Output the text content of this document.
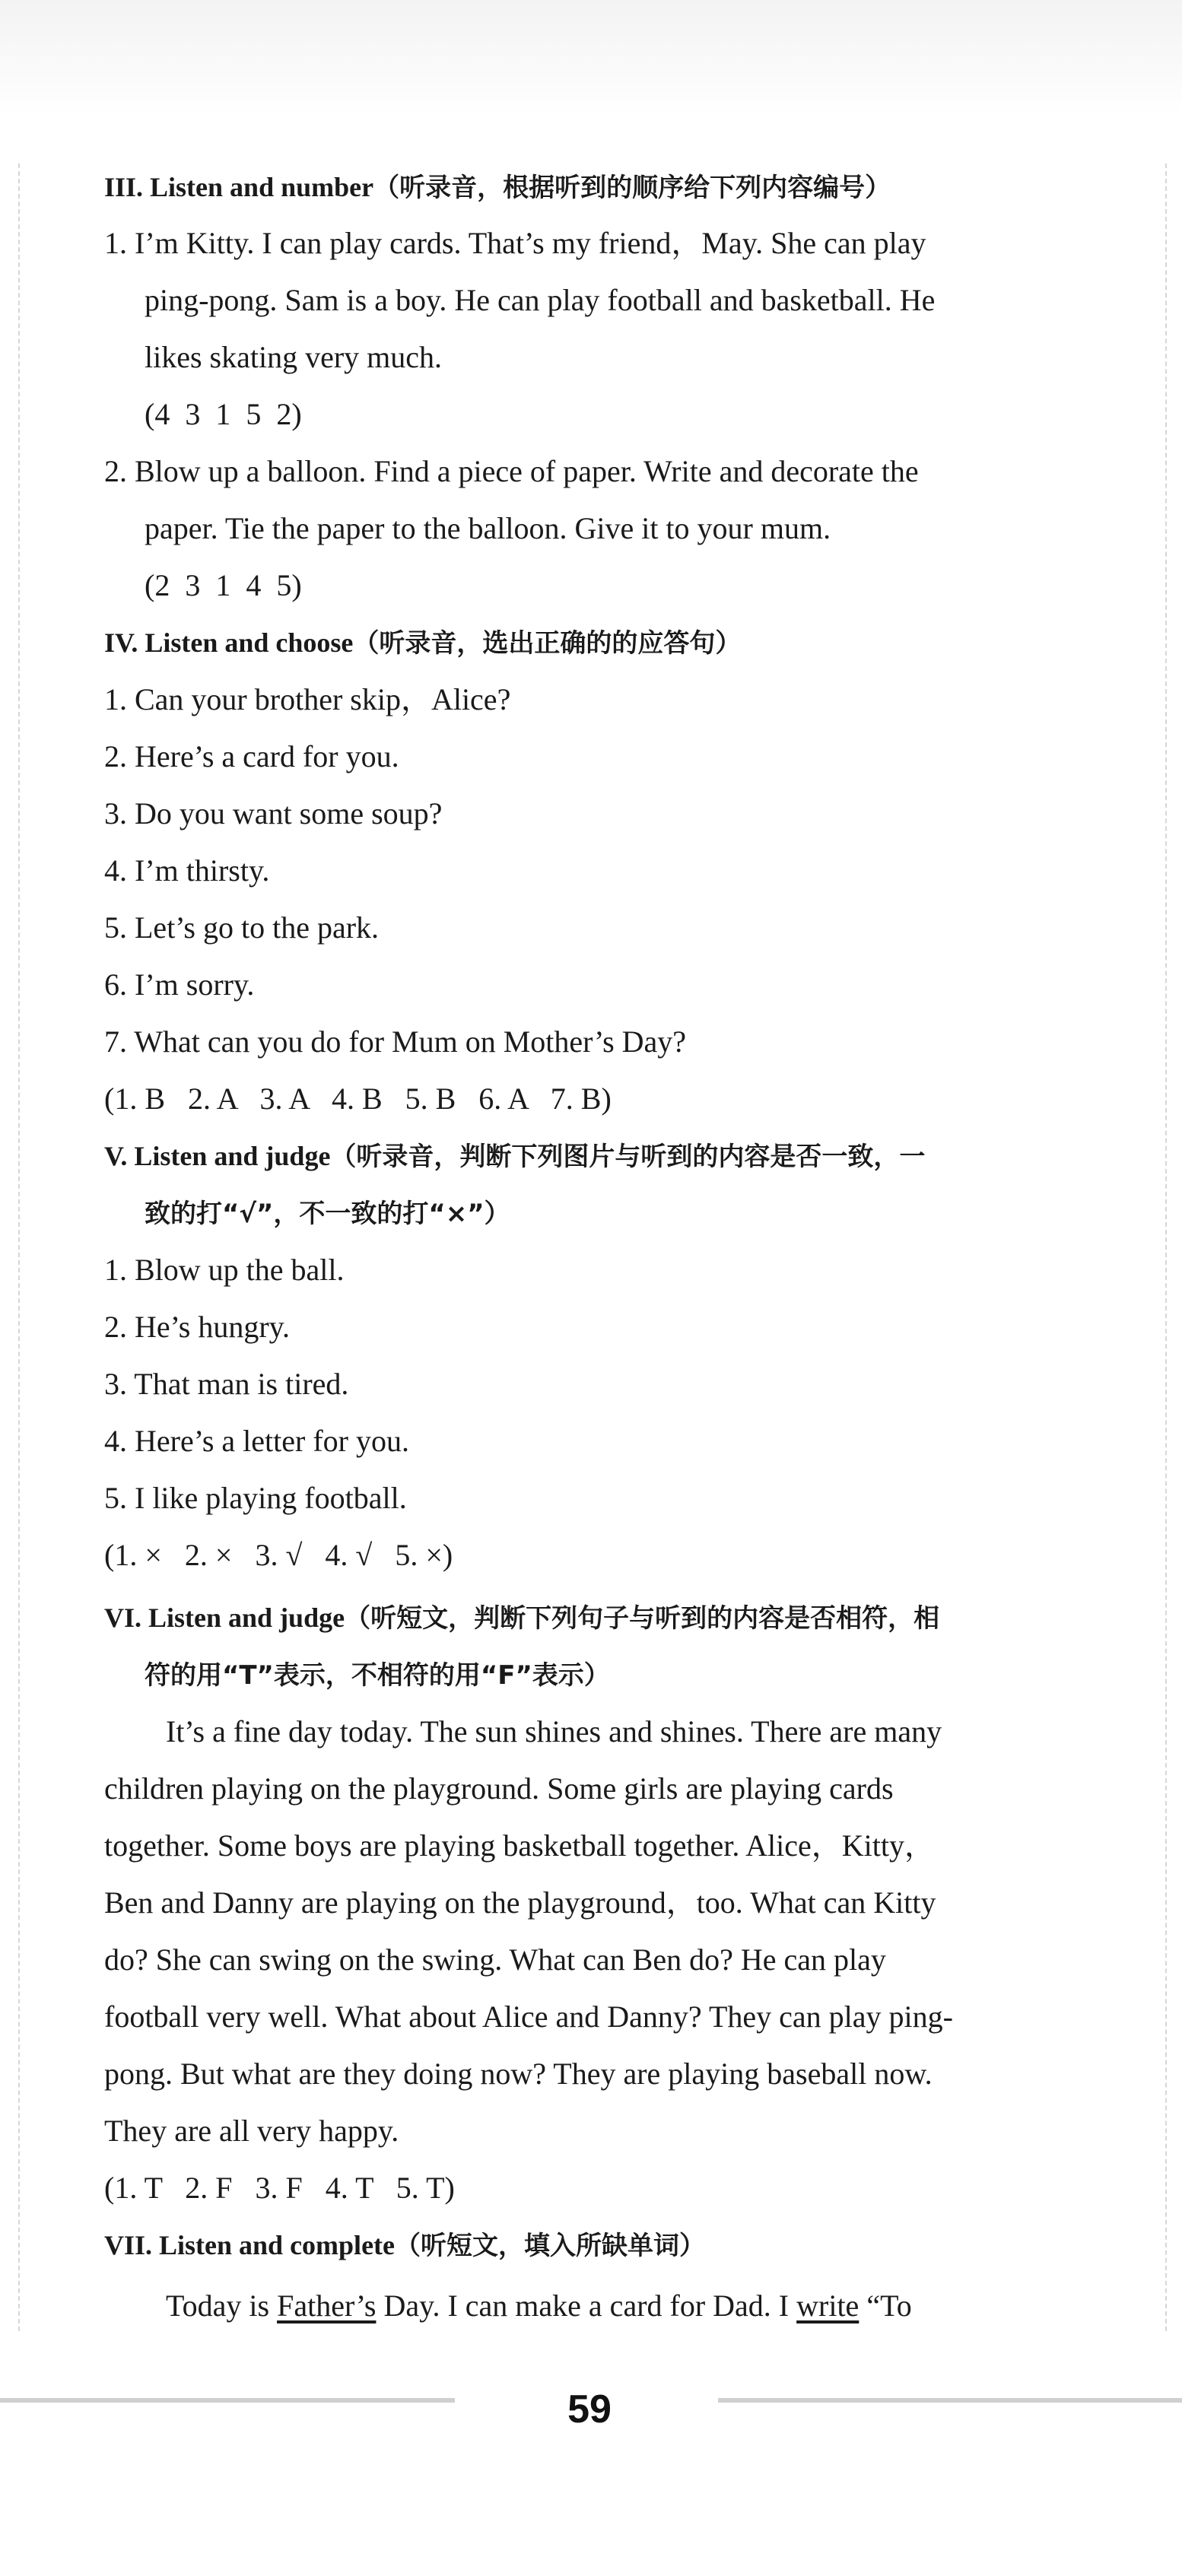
III. Listen and number（听录音，根据听到的顺序给下列内容编号）
1. I’m Kitty. I can play cards. That’s my friend，May. She can play
ping-pong. Sam is a boy. He can play football and basketball. He
likes skating very much.
(4  3  1  5  2)
2. Blow up a balloon. Find a piece of paper. Write and decorate the
paper. Tie the paper to the balloon. Give it to your mum.
(2  3  1  4  5)
IV. Listen and choose（听录音，选出正确的的应答句）
1. Can your brother skip，Alice?
2. Here’s a card for you.
3. Do you want some soup?
4. I’m thirsty.
5. Let’s go to the park.
6. I’m sorry.
7. What can you do for Mum on Mother’s Day?
(1. B   2. A   3. A   4. B   5. B   6. A   7. B)
V. Listen and judge（听录音，判断下列图片与听到的内容是否一致，一
致的打“√”，不一致的打“×”）
1. Blow up the ball.
2. He’s hungry.
3. That man is tired.
4. Here’s a letter for you.
5. I like playing football.
(1. ×   2. ×   3. √   4. √   5. ×)
VI. Listen and judge（听短文，判断下列句子与听到的内容是否相符，相
符的用“T”表示，不相符的用“F”表示）
It’s a fine day today. The sun shines and shines. There are many
children playing on the playground. Some girls are playing cards
together. Some boys are playing basketball together. Alice，Kitty，
Ben and Danny are playing on the playground，too. What can Kitty
do? She can swing on the swing. What can Ben do? He can play
football very well. What about Alice and Danny? They can play ping-
pong. But what are they doing now? They are playing baseball now.
They are all very happy.
(1. T   2. F   3. F   4. T   5. T)
VII. Listen and complete（听短文，填入所缺单词）
Today is Father’s Day. I can make a card for Dad. I write “To
59
